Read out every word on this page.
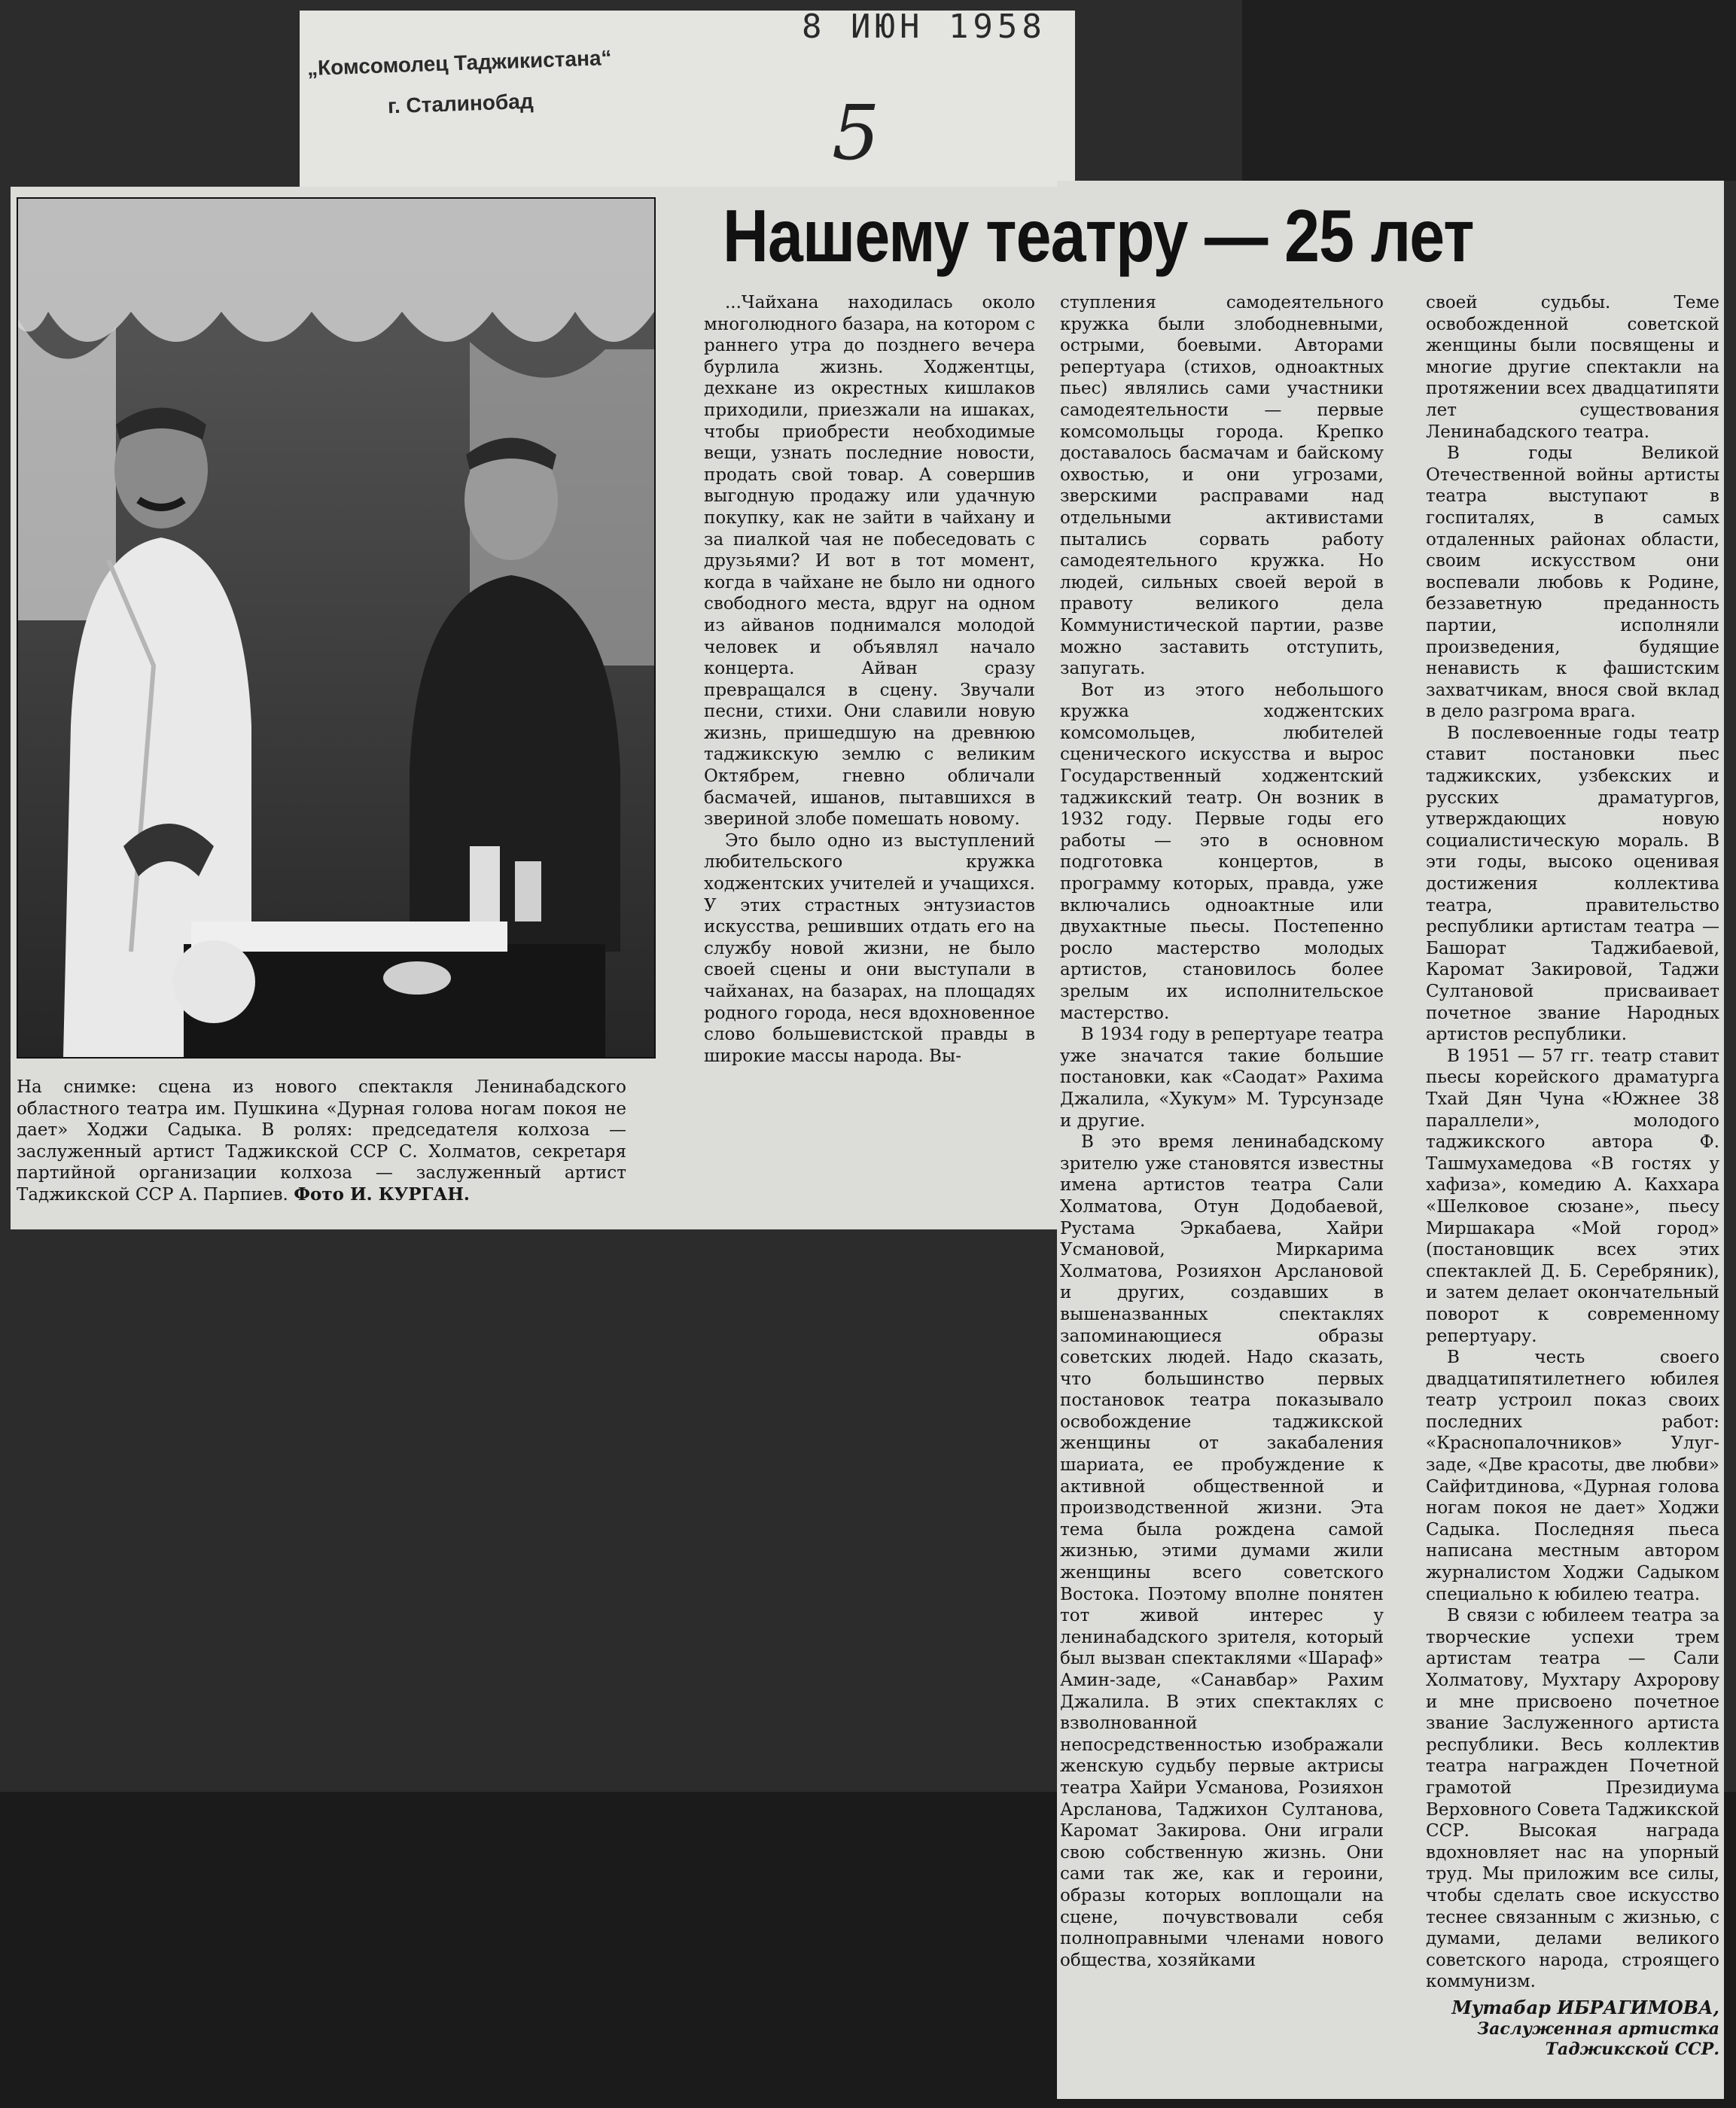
8 ИЮН 1958
„Комсомолец Таджикистана“
г. Сталинобад	5
Нашему театру — 25 лет
На снимке: сцена из нового спектакля Ленинабадского областного театра им. Пушкина «Дурная голова ногам покоя не дает» Ходжи Садыка. В ролях: председателя колхоза — заслуженный артист Таджикской ССР С. Холматов, секретаря партийной организации колхоза — заслуженный артист Таджикской ССР А. Парпиев. Фото И. КУРГАН.

...Чайхана находилась около многолюдного базара, на котором с раннего утра до позднего вечера бурлила жизнь. Ходжентцы, дехкане из окрестных кишлаков приходили, приезжали на ишаках, чтобы приобрести необходимые вещи, узнать последние новости, продать свой товар. А совершив выгодную продажу или удачную покупку, как не зайти в чайхану и за пиалкой чая не побеседовать с друзьями? И вот в тот момент, когда в чайхане не было ни одного свободного места, вдруг на одном из айванов поднимался молодой человек и объявлял начало концерта. Айван сразу превращался в сцену. Звучали песни, стихи. Они славили новую жизнь, пришедшую на древнюю таджикскую землю с великим Октябрем, гневно обличали басмачей, ишанов, пытавшихся в звериной злобе помешать новому.

Это было одно из выступлений любительского кружка ходжентских учителей и учащихся. У этих страстных энтузиастов искусства, решивших отдать его на службу новой жизни, не было своей сцены и они выступали в чайханах, на базарах, на площадях родного города, неся вдохновенное слово большевистской правды в широкие массы народа. Вы-

ступления самодеятельного кружка были злободневными, острыми, боевыми. Авторами репертуара (стихов, одноактных пьес) являлись сами участники самодеятельности — первые комсомольцы города. Крепко доставалось басмачам и байскому охвостью, и они угрозами, зверскими расправами над отдельными активистами пытались сорвать работу самодеятельного кружка. Но людей, сильных своей верой в правоту великого дела Коммунистической партии, разве можно заставить отступить, запугать.

Вот из этого небольшого кружка ходжентских комсомольцев, любителей сценического искусства и вырос Государственный ходжентский таджикский театр. Он возник в 1932 году. Первые годы его работы — это в основном подготовка концертов, в программу которых, правда, уже включались одноактные или двухактные пьесы. Постепенно росло мастерство молодых артистов, становилось более зрелым их исполнительское мастерство.

В 1934 году в репертуаре театра уже значатся такие большие постановки, как «Саодат» Рахима Джалила, «Хукум» М. Турсунзаде и другие.

В это время ленинабадскому зрителю уже становятся известны имена артистов театра Сали Холматова, Отун Додобаевой, Рустама Эркабаева, Хайри Усмановой, Миркарима Холматова, Розияхон Арслановой и других, создавших в вышеназванных спектаклях запоминающиеся образы советских людей. Надо сказать, что большинство первых постановок театра показывало освобождение таджикской женщины от закабаления шариата, ее пробуждение к активной общественной и производственной жизни. Эта тема была рождена самой жизнью, этими думами жили женщины всего советского Востока. Поэтому вполне понятен тот живой интерес у ленинабадского зрителя, который был вызван спектаклями «Шараф» Амин-заде, «Санавбар» Рахим Джалила. В этих спектаклях с взволнованной непосредственностью изображали женскую судьбу первые актрисы театра Хайри Усманова, Розияхон Арсланова, Таджихон Султанова, Каромат Закирова. Они играли свою собственную жизнь. Они сами так же, как и героини, образы которых воплощали на сцене, почувствовали себя полноправными членами нового общества, хозяйками

своей судьбы. Теме освобожденной советской женщины были посвящены и многие другие спектакли на протяжении всех двадцатипяти лет существования Ленинабадского театра.

В годы Великой Отечественной войны артисты театра выступают в госпиталях, в самых отдаленных районах области, своим искусством они воспевали любовь к Родине, беззаветную преданность партии, исполняли произведения, будящие ненависть к фашистским захватчикам, внося свой вклад в дело разгрома врага.

В послевоенные годы театр ставит постановки пьес таджикских, узбекских и русских драматургов, утверждающих новую социалистическую мораль. В эти годы, высоко оценивая достижения коллектива театра, правительство республики артистам театра — Башорат Таджибаевой, Каромат Закировой, Таджи Султановой присваивает почетное звание Народных артистов республики.

В 1951 — 57 гг. театр ставит пьесы корейского драматурга Тхай Дян Чуна «Южнее 38 параллели», молодого таджикского автора Ф. Ташмухамедова «В гостях у хафиза», комедию А. Каххара «Шелковое сюзане», пьесу Миршакара «Мой город» (постановщик всех этих спектаклей Д. Б. Серебряник), и затем делает окончательный поворот к современному репертуару.

В честь своего двадцатипятилетнего юбилея театр устроил показ своих последних работ: «Краснопалочников» Улуг-заде, «Две красоты, две любви» Сайфитдинова, «Дурная голова ногам покоя не дает» Ходжи Садыка. Последняя пьеса написана местным автором журналистом Ходжи Садыком специально к юбилею театра.

В связи с юбилеем театра за творческие успехи трем артистам театра — Сали Холматову, Мухтару Ахророву и мне присвоено почетное звание Заслуженного артиста республики. Весь коллектив театра награжден Почетной грамотой Президиума Верховного Совета Таджикской ССР. Высокая награда вдохновляет нас на упорный труд. Мы приложим все силы, чтобы сделать свое искусство теснее связанным с жизнью, с думами, делами великого советского народа, строящего коммунизм.

Мутабар ИБРАГИМОВА,
Заслуженная артистка Таджикской ССР.
